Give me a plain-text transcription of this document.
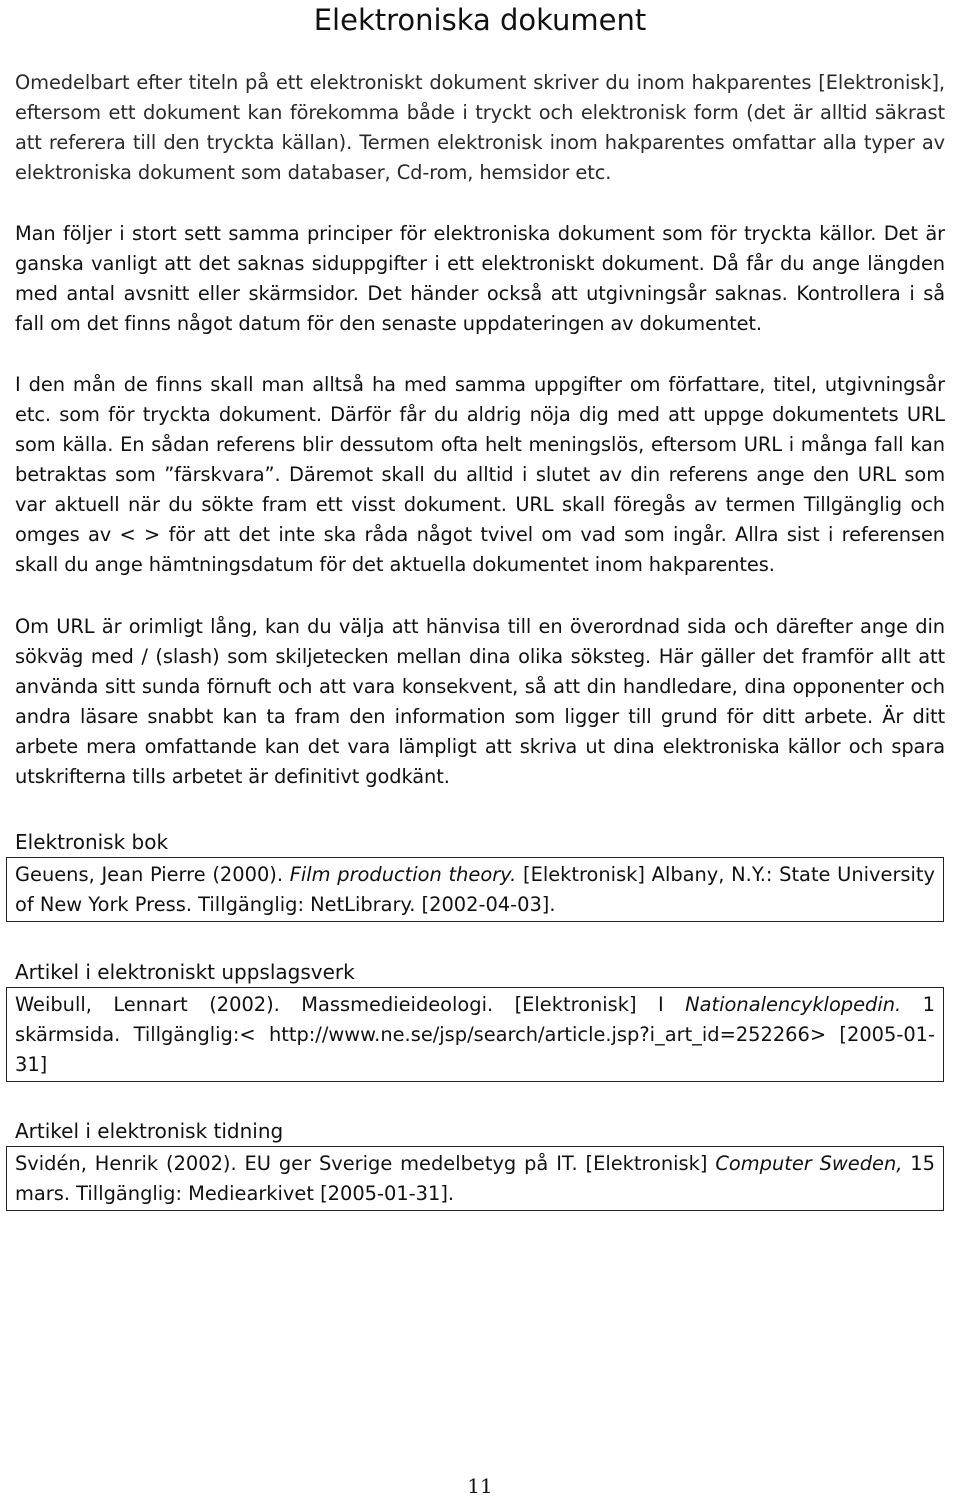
Elektroniska dokument

Omedelbart efter titeln på ett elektroniskt dokument skriver du inom hakparentes [Elektronisk], eftersom ett dokument kan förekomma både i tryckt och elektronisk form (det är alltid säkrast att referera till den tryckta källan). Termen elektronisk inom hakparentes omfattar alla typer av elektroniska dokument som databaser, Cd-rom, hemsidor etc.

Man följer i stort sett samma principer för elektroniska dokument som för tryckta källor. Det är ganska vanligt att det saknas siduppgifter i ett elektroniskt dokument. Då får du ange längden med antal avsnitt eller skärmsidor. Det händer också att utgivningsår saknas. Kontrollera i så fall om det finns något datum för den senaste uppdateringen av dokumentet.

I den mån de finns skall man alltså ha med samma uppgifter om författare, titel, utgivningsår etc. som för tryckta dokument. Därför får du aldrig nöja dig med att uppge dokumentets URL som källa. En sådan referens blir dessutom ofta helt meningslös, eftersom URL i många fall kan betraktas som ”färskvara”. Däremot skall du alltid i slutet av din referens ange den URL som var aktuell när du sökte fram ett visst dokument. URL skall föregås av termen Tillgänglig och omges av < > för att det inte ska råda något tvivel om vad som ingår. Allra sist i referensen skall du ange hämtningsdatum för det aktuella dokumentet inom hakparentes.

Om URL är orimligt lång, kan du välja att hänvisa till en överordnad sida och därefter ange din sökväg med / (slash) som skiljetecken mellan dina olika söksteg. Här gäller det framför allt att använda sitt sunda förnuft och att vara konsekvent, så att din handledare, dina opponenter och andra läsare snabbt kan ta fram den information som ligger till grund för ditt arbete. Är ditt arbete mera omfattande kan det vara lämpligt att skriva ut dina elektroniska källor och spara utskrifterna tills arbetet är definitivt godkänt.

Elektronisk bok
Geuens, Jean Pierre (2000). Film production theory. [Elektronisk] Albany, N.Y.: State University of New York Press. Tillgänglig: NetLibrary. [2002-04-03].
Artikel i elektroniskt uppslagsverk
Weibull, Lennart (2002). Massmedieideologi. [Elektronisk] I Nationalencyklopedin. 1 skärmsida. Tillgänglig:< http://www.ne.se/jsp/search/article.jsp?i_art_id=252266> [2005-01-31]
Artikel i elektronisk tidning
Svidén, Henrik (2002). EU ger Sverige medelbetyg på IT. [Elektronisk] Computer Sweden, 15 mars. Tillgänglig: Mediearkivet [2005-01-31].
11
